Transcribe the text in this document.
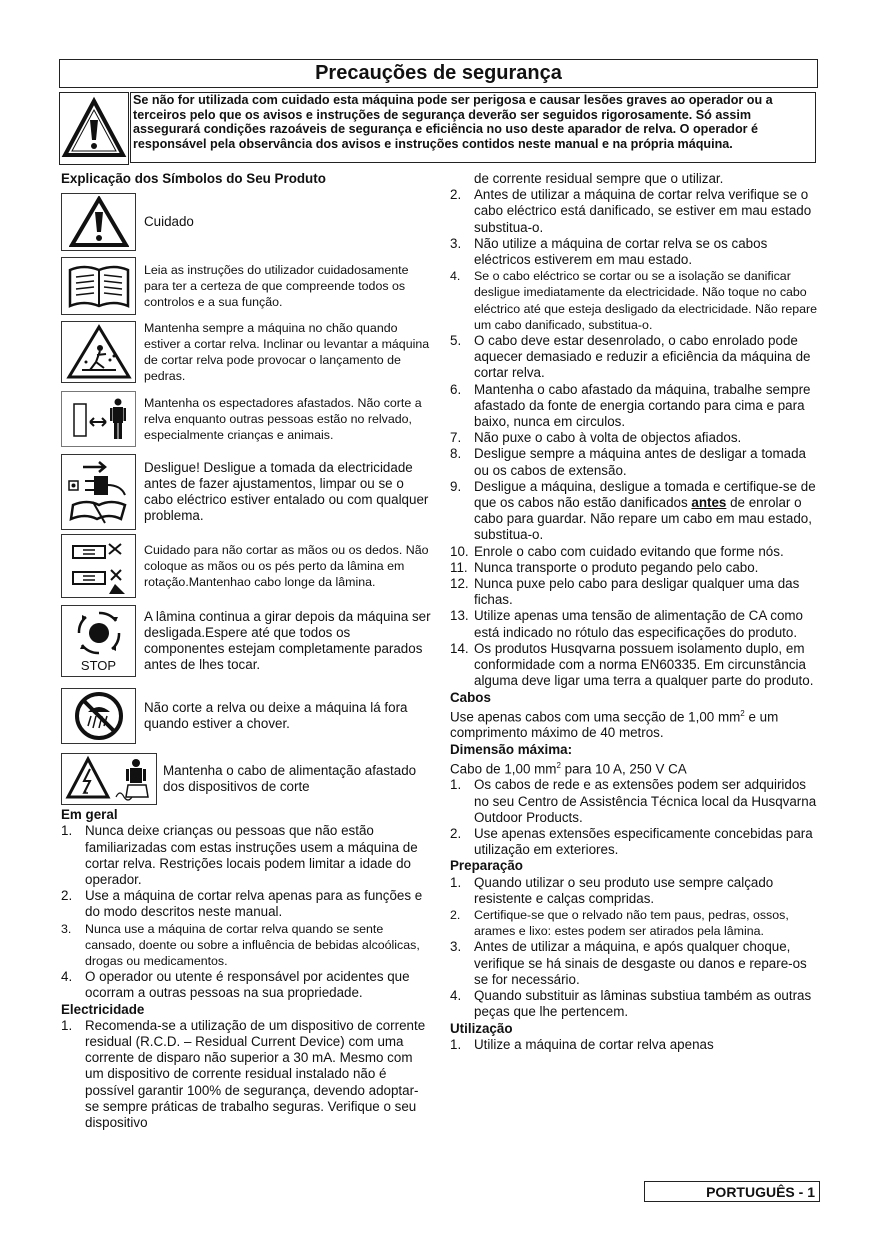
Precauções de segurança
Se não for utilizada com cuidado esta máquina pode ser perigosa e causar lesões graves ao operador ou a terceiros pelo que os avisos e instruções de segurança deverão ser seguidos rigorosamente. Só assim assegurará condições razoáveis de segurança e eficiência no uso deste aparador de relva. O operador é responsável pela observância dos avisos e instruções contidos neste manual e na própria máquina.
Explicação dos Símbolos do Seu Produto
Cuidado
Leia as instruções do utilizador cuidadosamente para ter a certeza de que compreende todos os controlos e a sua função.
Mantenha sempre a máquina no chão quando estiver a cortar relva. Inclinar ou levantar a máquina de cortar relva pode provocar o lançamento de pedras.
Mantenha os espectadores afastados. Não corte a relva enquanto outras pessoas estão no relvado, especialmente crianças e animais.
Desligue! Desligue a tomada da electricidade antes de fazer ajustamentos, limpar ou se o cabo eléctrico estiver entalado ou com qualquer problema.
Cuidado para não cortar as mãos ou os dedos. Não coloque as mãos ou os pés perto da lâmina em rotação.Mantenhao cabo longe da lâmina.
STOP
A lâmina continua a girar depois da máquina ser desligada.Espere até que todos os componentes estejam completamente parados antes de lhes tocar.
Não corte a relva ou deixe a máquina lá fora quando estiver a chover.
Mantenha o cabo de alimentação afastado dos dispositivos de corte
Em geral
1. Nunca deixe crianças ou pessoas que não estão familiarizadas com estas instruções usem a máquina de cortar relva. Restrições locais podem limitar a idade do operador.
2. Use a máquina de cortar relva apenas para as funções e do modo descritos neste manual.
3.	Nunca use a máquina de cortar relva quando se sente cansado, doente ou sobre a influência de bebidas alcoólicas, drogas ou medicamentos.
4. O operador ou utente é responsável por acidentes que ocorram a outras pessoas na sua propriedade.
Electricidade
1. Recomenda-se a utilização de um dispositivo de corrente residual (R.C.D. – Residual Current Device) com uma corrente de disparo não superior a 30 mA. Mesmo com um dispositivo de corrente residual instalado não é possível garantir 100% de segurança, devendo adoptar-se sempre práticas de trabalho seguras. Verifique o seu dispositivo
de corrente residual sempre que o utilizar.
2. Antes de utilizar a máquina de cortar relva verifique se o cabo eléctrico está danificado, se estiver em mau estado substitua-o.
3. Não utilize a máquina de cortar relva se os cabos eléctricos estiverem em mau estado.
4.	Se o cabo eléctrico se cortar ou se a isolação se danificar desligue imediatamente da electricidade. Não toque no cabo eléctrico até que esteja desligado da electricidade. Não repare um cabo danificado, substitua-o.
5. O cabo deve estar desenrolado, o cabo enrolado pode aquecer demasiado e reduzir a eficiência da máquina de cortar relva.
6. Mantenha o cabo afastado da máquina, trabalhe sempre afastado da fonte de energia cortando para cima e para baixo, nunca em circulos.
7. Não puxe o cabo à volta de objectos afiados.
8. Desligue sempre a máquina antes de desligar a tomada ou os cabos de extensão.
9. Desligue a máquina, desligue a tomada e certifique-se de que os cabos não estão danificados antes de enrolar o cabo para guardar. Não repare um cabo em mau estado, substitua-o.
10. Enrole o cabo com cuidado evitando que forme nós.
11. Nunca transporte o produto pegando pelo cabo.
12. Nunca puxe pelo cabo para desligar qualquer uma das fichas.
13. Utilize apenas uma tensão de alimentação de CA como está indicado no rótulo das especificações do produto.
14. Os produtos Husqvarna possuem isolamento duplo, em conformidade com a norma EN60335. Em circunstância alguma deve ligar uma terra a qualquer parte do produto.
Cabos
Use apenas cabos com uma secção de 1,00 $mm^2$ e um comprimento máximo de 40 metros.
Dimensão máxima:
Cabo de 1,00 $mm^2$ para 10 A, 250 V CA
1. Os cabos de rede e as extensões podem ser adquiridos no seu Centro de Assistência Técnica local da Husqvarna Outdoor Products.
2. Use apenas extensões especificamente concebidas para utilização em exteriores.
Preparação
1. Quando utilizar o seu produto use sempre calçado resistente e calças compridas.
2.	Certifique-se que o relvado não tem paus, pedras, ossos, arames e lixo: estes podem ser atirados pela lâmina.
3. Antes de utilizar a máquina, e após qualquer choque, verifique se há sinais de desgaste ou danos e repare-os se for necessário.
4. Quando substituir as lâminas substiua também as outras peças que lhe pertencem.
Utilização
1. Utilize a máquina de cortar relva apenas
PORTUGUÊS - 1
